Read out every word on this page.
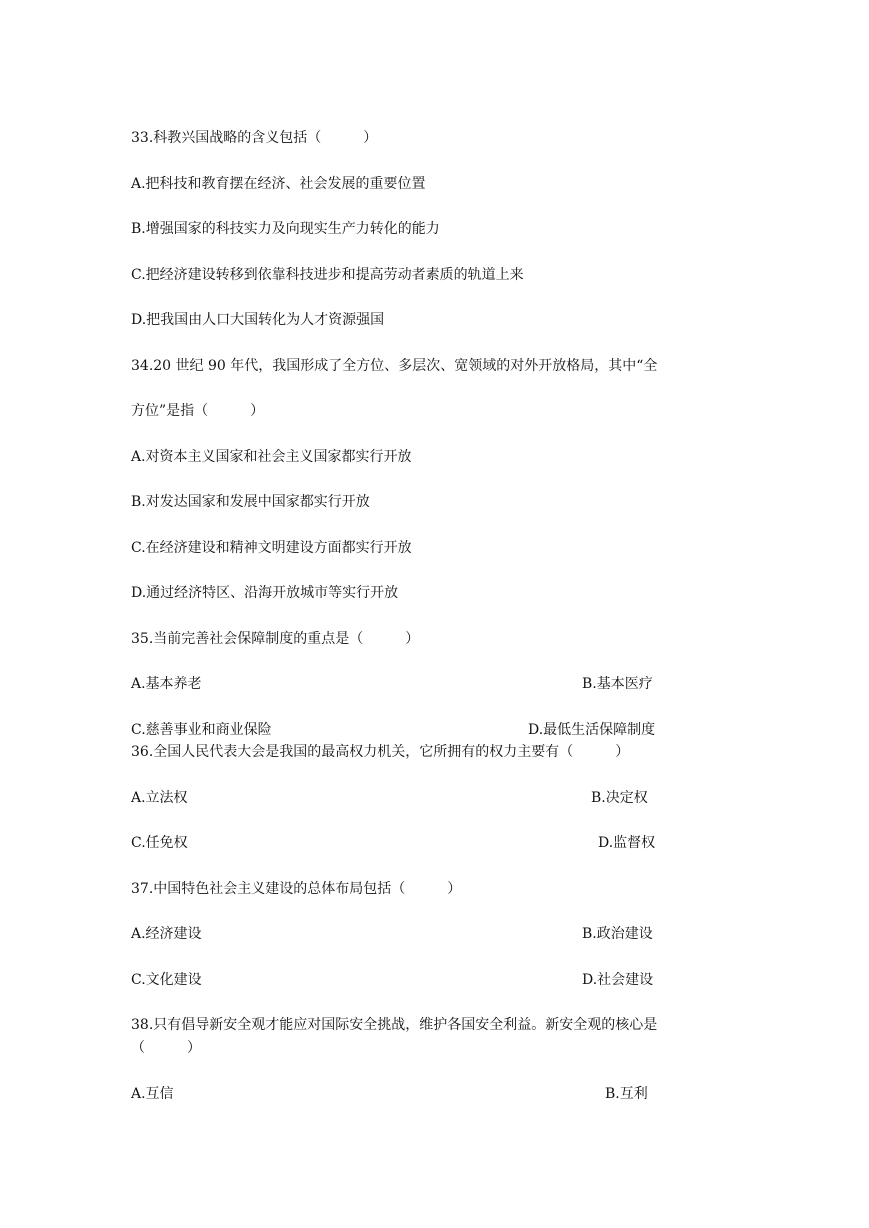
33.科教兴国战略的含义包括（　　　）

A.把科技和教育摆在经济、社会发展的重要位置

B.增强国家的科技实力及向现实生产力转化的能力

C.把经济建设转移到依靠科技进步和提高劳动者素质的轨道上来

D.把我国由人口大国转化为人才资源强国

34.20 世纪 90 年代，我国形成了全方位、多层次、宽领域的对外开放格局，其中“全

方位”是指（　　　）

A.对资本主义国家和社会主义国家都实行开放

B.对发达国家和发展中国家都实行开放

C.在经济建设和精神文明建设方面都实行开放

D.通过经济特区、沿海开放城市等实行开放

35.当前完善社会保障制度的重点是（　　　）

A.基本养老	B.基本医疗

C.慈善事业和商业保险	D.最低生活保障制度

36.全国人民代表大会是我国的最高权力机关，它所拥有的权力主要有（　　　）

A.立法权	B.决定权

C.任免权	D.监督权

37.中国特色社会主义建设的总体布局包括（　　　）

A.经济建设	B.政治建设

C.文化建设	D.社会建设

38.只有倡导新安全观才能应对国际安全挑战，维护各国安全利益。新安全观的核心是

（　　　）

A.互信	B.互利
